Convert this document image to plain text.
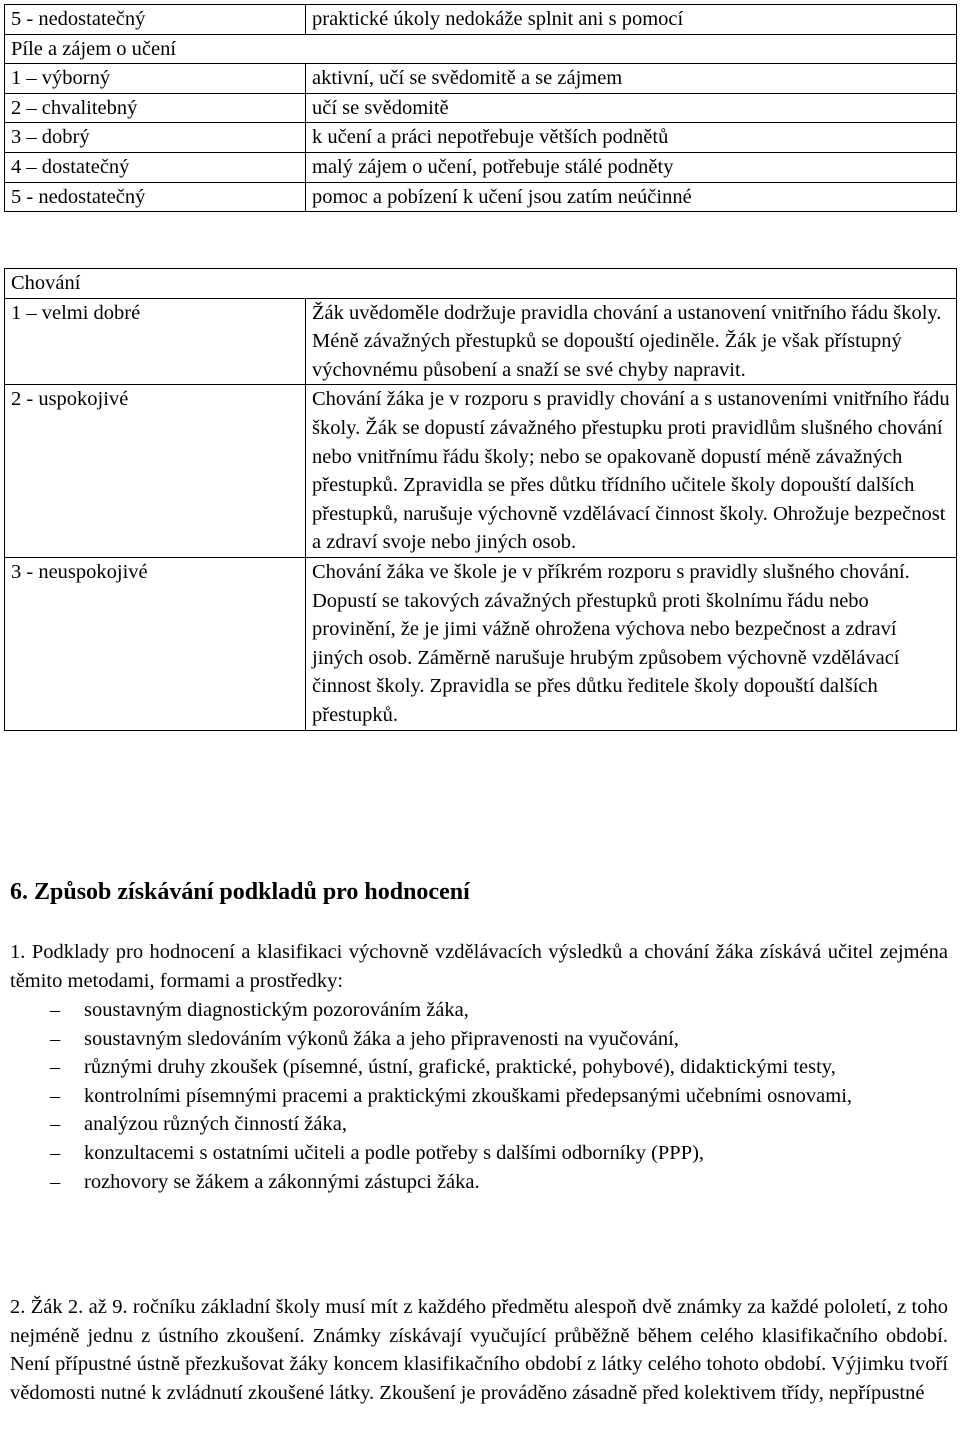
5 - nedostatečný	praktické úkoly nedokáže splnit ani s pomocí
Píle a zájem o učení	
1 – výborný	aktivní, učí se svědomitě a se zájmem
2 – chvalitebný	učí se svědomitě
3 – dobrý	k učení a práci nepotřebuje větších podnětů
4 – dostatečný	malý zájem o učení, potřebuje stálé podněty
5 - nedostatečný	pomoc a pobízení k učení jsou zatím neúčinné
Chování	
1 – velmi dobré	Žák uvědoměle dodržuje pravidla chování a ustanovení vnitřního řádu školy. Méně závažných přestupků se dopouští ojediněle. Žák je však přístupný výchovnému působení a snaží se své chyby napravit.
2 - uspokojivé	Chování žáka je v rozporu s pravidly chování a s ustanoveními vnitřního řádu školy. Žák se dopustí závažného přestupku proti pravidlům slušného chování nebo vnitřnímu řádu školy; nebo se opakovaně dopustí méně závažných přestupků. Zpravidla se přes důtku třídního učitele školy dopouští dalších přestupků, narušuje výchovně vzdělávací činnost školy. Ohrožuje bezpečnost a zdraví svoje nebo jiných osob.
3 - neuspokojivé	Chování žáka ve škole je v příkrém rozporu s pravidly slušného chování. Dopustí se takových závažných přestupků proti školnímu řádu nebo provinění, že je jimi vážně ohrožena výchova nebo bezpečnost a zdraví jiných osob. Záměrně narušuje hrubým způsobem výchovně vzdělávací činnost školy. Zpravidla se přes důtku ředitele školy dopouští dalších přestupků.
6. Způsob získávání podkladů pro hodnocení

1. Podklady pro hodnocení a klasifikaci výchovně vzdělávacích výsledků a chování žáka získává učitel zejména těmito metodami, formami a prostředky:

– soustavným diagnostickým pozorováním žáka,
– soustavným sledováním výkonů žáka a jeho připravenosti na vyučování,
– různými druhy zkoušek (písemné, ústní, grafické, praktické, pohybové), didaktickými testy,
– kontrolními písemnými pracemi a praktickými zkouškami předepsanými učebními osnovami,
– analýzou různých činností žáka,
– konzultacemi s ostatními učiteli a podle potřeby s dalšími odborníky (PPP),
– rozhovory se žákem a zákonnými zástupci žáka.

2. Žák 2. až 9. ročníku základní školy musí mít z každého předmětu alespoň dvě známky za každé pololetí, z toho nejméně jednu z ústního zkoušení. Známky získávají vyučující průběžně během celého klasifikačního období. Není přípustné ústně přezkušovat žáky koncem klasifikačního období z látky celého tohoto období. Výjimku tvoří vědomosti nutné k zvládnutí zkoušené látky. Zkoušení je prováděno zásadně před kolektivem třídy, nepřípustné
